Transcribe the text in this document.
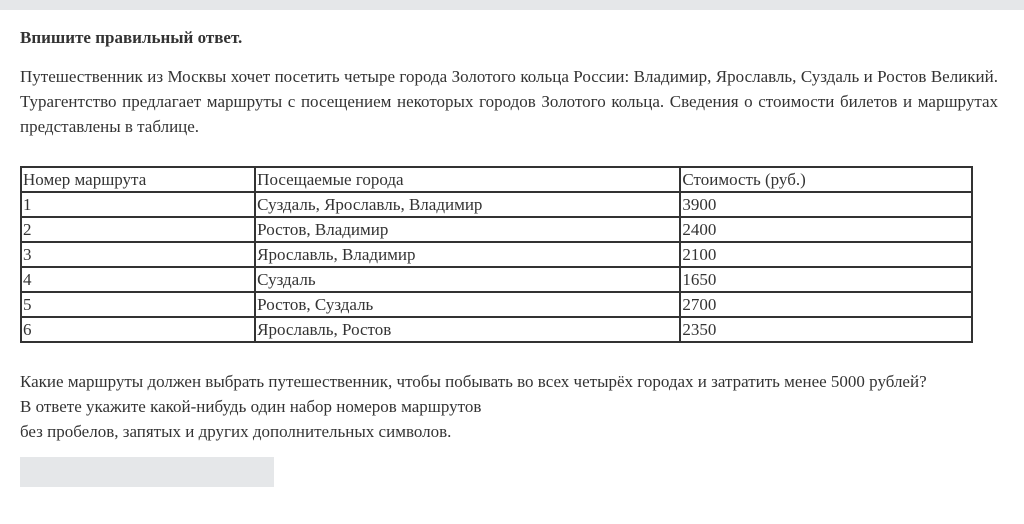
Впишите правильный ответ.

Путешественник из Москвы хочет посетить четыре города Золотого кольца России: Владимир, Ярославль, Суздаль и Ростов Великий. Турагентство предлагает маршруты с посещением некоторых городов Золотого кольца. Сведения о стоимости билетов и маршрутах представлены в таблице.

Номер маршрута	Посещаемые города	Стоимость (руб.)
1	Суздаль, Ярославль, Владимир	3900
2	Ростов, Владимир	2400
3	Ярославль, Владимир	2100
4	Суздаль	1650
5	Ростов, Суздаль	2700
6	Ярославль, Ростов	2350
Какие маршруты должен выбрать путешественник, чтобы побывать во всех четырёх городах и затратить менее 5000 рублей?
В ответе укажите какой-нибудь один набор номеров маршрутов
без пробелов, запятых и других дополнительных символов.
